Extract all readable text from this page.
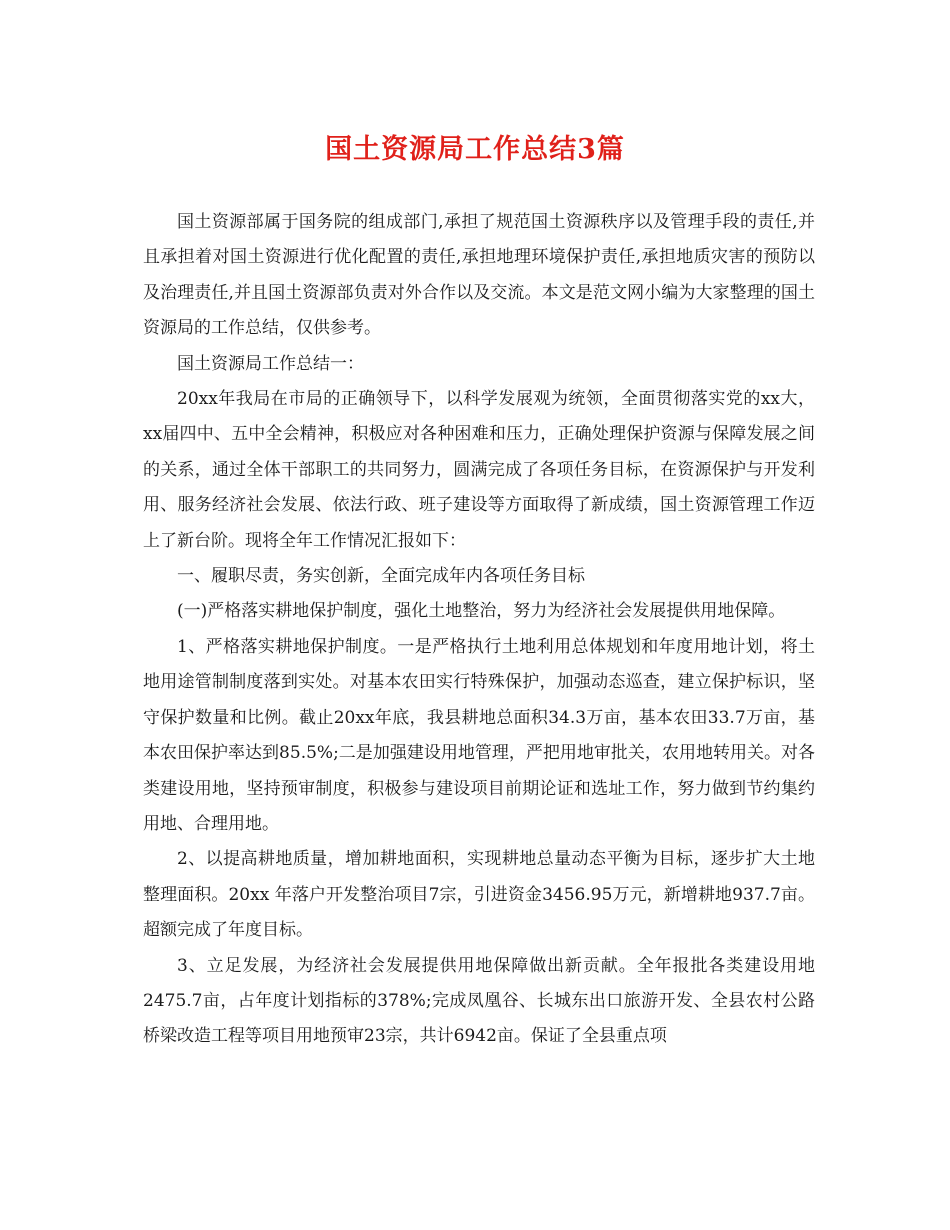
国土资源局工作总结3篇

国土资源部属于国务院的组成部门,承担了规范国土资源秩序以及管理手段的责任,并且承担着对国土资源进行优化配置的责任,承担地理环境保护责任,承担地质灾害的预防以及治理责任,并且国土资源部负责对外合作以及交流。本文是范文网小编为大家整理的国土资源局的工作总结，仅供参考。

国土资源局工作总结一：

20xx年我局在市局的正确领导下，以科学发展观为统领，全面贯彻落实党的xx大，xx届四中、五中全会精神，积极应对各种困难和压力，正确处理保护资源与保障发展之间的关系，通过全体干部职工的共同努力，圆满完成了各项任务目标，在资源保护与开发利用、服务经济社会发展、依法行政、班子建设等方面取得了新成绩，国土资源管理工作迈上了新台阶。现将全年工作情况汇报如下：

一、履职尽责，务实创新，全面完成年内各项任务目标

(一)严格落实耕地保护制度，强化土地整治，努力为经济社会发展提供用地保障。

1、严格落实耕地保护制度。一是严格执行土地利用总体规划和年度用地计划，将土地用途管制制度落到实处。对基本农田实行特殊保护，加强动态巡查，建立保护标识，坚守保护数量和比例。截止20xx年底，我县耕地总面积34.3万亩，基本农田33.7万亩，基本农田保护率达到85.5%;二是加强建设用地管理，严把用地审批关，农用地转用关。对各类建设用地，坚持预审制度，积极参与建设项目前期论证和选址工作，努力做到节约集约用地、合理用地。

2、以提高耕地质量，增加耕地面积，实现耕地总量动态平衡为目标，逐步扩大土地整理面积。20xx 年落户开发整治项目7宗，引进资金3456.95万元，新增耕地937.7亩。超额完成了年度目标。

3、立足发展，为经济社会发展提供用地保障做出新贡献。全年报批各类建设用地2475.7亩，占年度计划指标的378%;完成凤凰谷、长城东出口旅游开发、全县农村公路桥梁改造工程等项目用地预审23宗，共计6942亩。保证了全县重点项
